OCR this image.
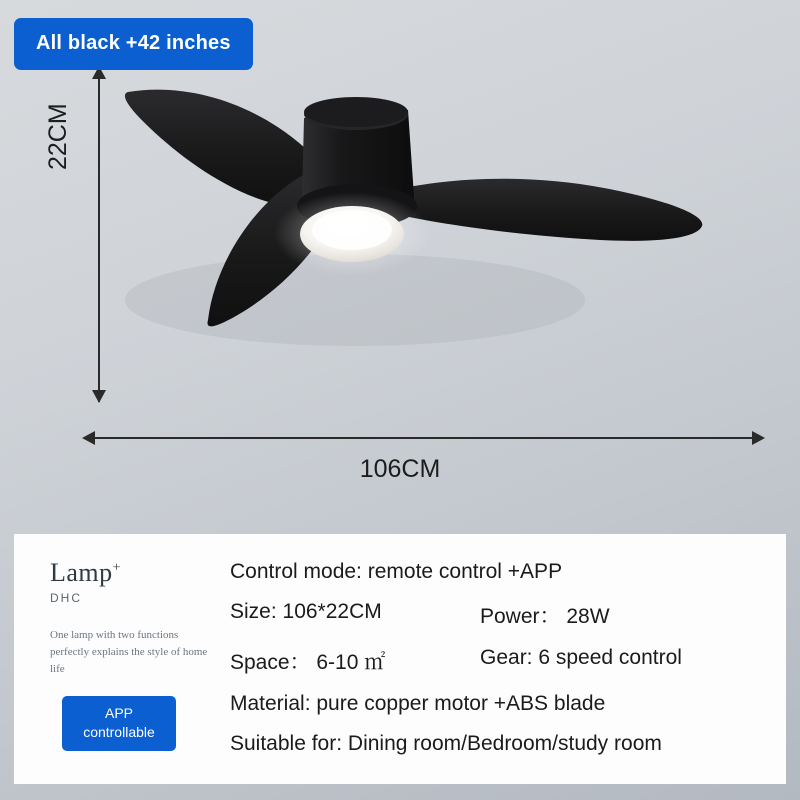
22CM
106CM
All black +42 inches
Lamp+
DHC
One lamp with two functions perfectly explains the style of home life
APP
controllable
Control mode: remote control +APP
Size: 106*22CM	Power： 28W
Space： 6-10 ㎡	Gear: 6 speed control
Material: pure copper motor +ABS blade
Suitable for: Dining room/Bedroom/study room
